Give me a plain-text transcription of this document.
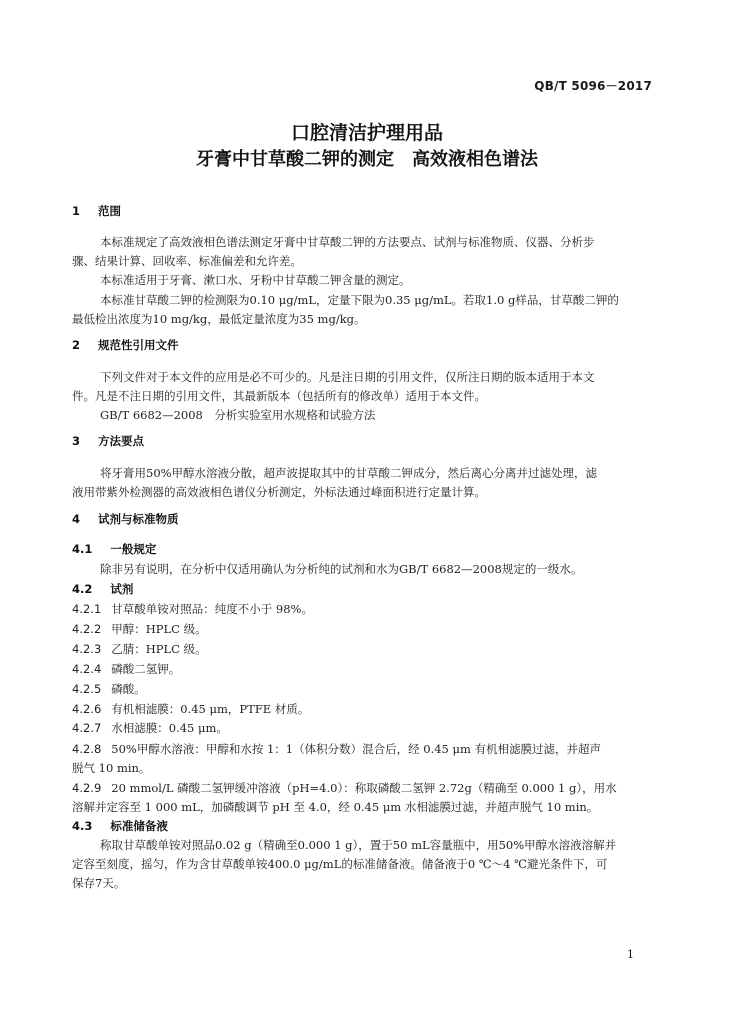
QB/T 5096－2017
口腔清洁护理用品
牙膏中甘草酸二钾的测定　高效液相色谱法
1 范围
本标准规定了高效液相色谱法测定牙膏中甘草酸二钾的方法要点、试剂与标准物质、仪器、分析步
骤、结果计算、回收率、标准偏差和允许差。
本标准适用于牙膏、漱口水、牙粉中甘草酸二钾含量的测定。
本标准甘草酸二钾的检测限为0.10 μg/mL，定量下限为0.35 μg/mL。若取1.0 g样品，甘草酸二钾的
最低检出浓度为10 mg/kg，最低定量浓度为35 mg/kg。
2 规范性引用文件
下列文件对于本文件的应用是必不可少的。凡是注日期的引用文件，仅所注日期的版本适用于本文
件。凡是不注日期的引用文件，其最新版本（包括所有的修改单）适用于本文件。
GB/T 6682—2008　分析实验室用水规格和试验方法
3 方法要点
将牙膏用50%甲醇水溶液分散，超声波提取其中的甘草酸二钾成分，然后离心分离并过滤处理，滤
液用带紫外检测器的高效液相色谱仪分析测定，外标法通过峰面积进行定量计算。
4 试剂与标准物质
4.1 一般规定
除非另有说明，在分析中仅适用确认为分析纯的试剂和水为GB/T 6682—2008规定的一级水。
4.2 试剂
4.2.1 甘草酸单铵对照品：纯度不小于 98%。
4.2.2 甲醇：HPLC 级。
4.2.3 乙腈：HPLC 级。
4.2.4 磷酸二氢钾。
4.2.5 磷酸。
4.2.6 有机相滤膜：0.45 μm，PTFE 材质。
4.2.7 水相滤膜：0.45 μm。
4.2.8 50%甲醇水溶液：甲醇和水按 1：1（体积分数）混合后，经 0.45 μm 有机相滤膜过滤，并超声
脱气 10 min。
4.2.9 20 mmol/L 磷酸二氢钾缓冲溶液（pH=4.0）：称取磷酸二氢钾 2.72g（精确至 0.000 1 g），用水
溶解并定容至 1 000 mL，加磷酸调节 pH 至 4.0，经 0.45 μm 水相滤膜过滤，并超声脱气 10 min。
4.3 标准储备液
称取甘草酸单铵对照品0.02 g（精确至0.000 1 g），置于50 mL容量瓶中，用50%甲醇水溶液溶解并
定容至刻度，摇匀，作为含甘草酸单铵400.0 μg/mL的标准储备液。储备液于0 ℃～4 ℃避光条件下，可
保存7天。
1
